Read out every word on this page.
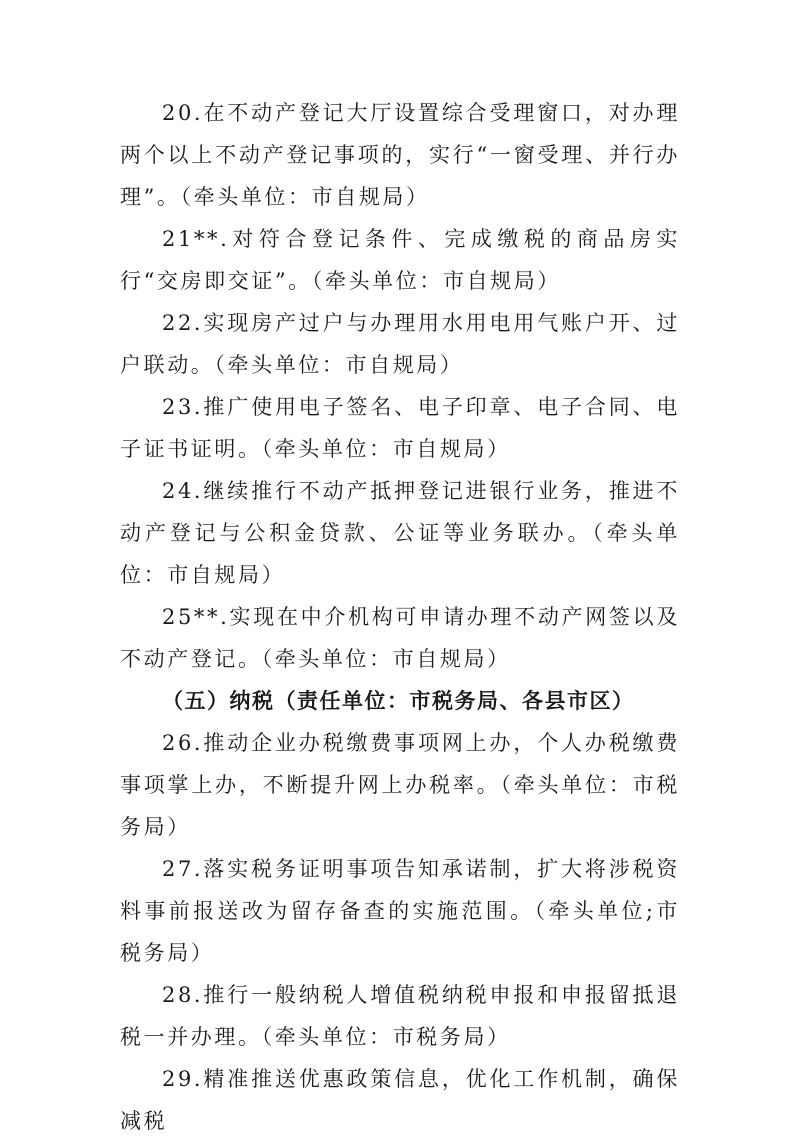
20.在不动产登记大厅设置综合受理窗口，对办理两个以上不动产登记事项的，实行“一窗受理、并行办理”。（牵头单位：市自规局）

21**.对符合登记条件、完成缴税的商品房实行“交房即交证”。（牵头单位：市自规局）

22.实现房产过户与办理用水用电用气账户开、过户联动。（牵头单位：市自规局）

23.推广使用电子签名、电子印章、电子合同、电子证书证明。（牵头单位：市自规局）

24.继续推行不动产抵押登记进银行业务，推进不动产登记与公积金贷款、公证等业务联办。（牵头单位：市自规局）

25**.实现在中介机构可申请办理不动产网签以及不动产登记。（牵头单位：市自规局）

（五）纳税（责任单位：市税务局、各县市区）

26.推动企业办税缴费事项网上办，个人办税缴费事项掌上办，不断提升网上办税率。（牵头单位：市税务局）

27.落实税务证明事项告知承诺制，扩大将涉税资料事前报送改为留存备查的实施范围。（牵头单位;市税务局）

28.推行一般纳税人增值税纳税申报和申报留抵退税一并办理。（牵头单位：市税务局）

29.精准推送优惠政策信息，优化工作机制，确保减税
